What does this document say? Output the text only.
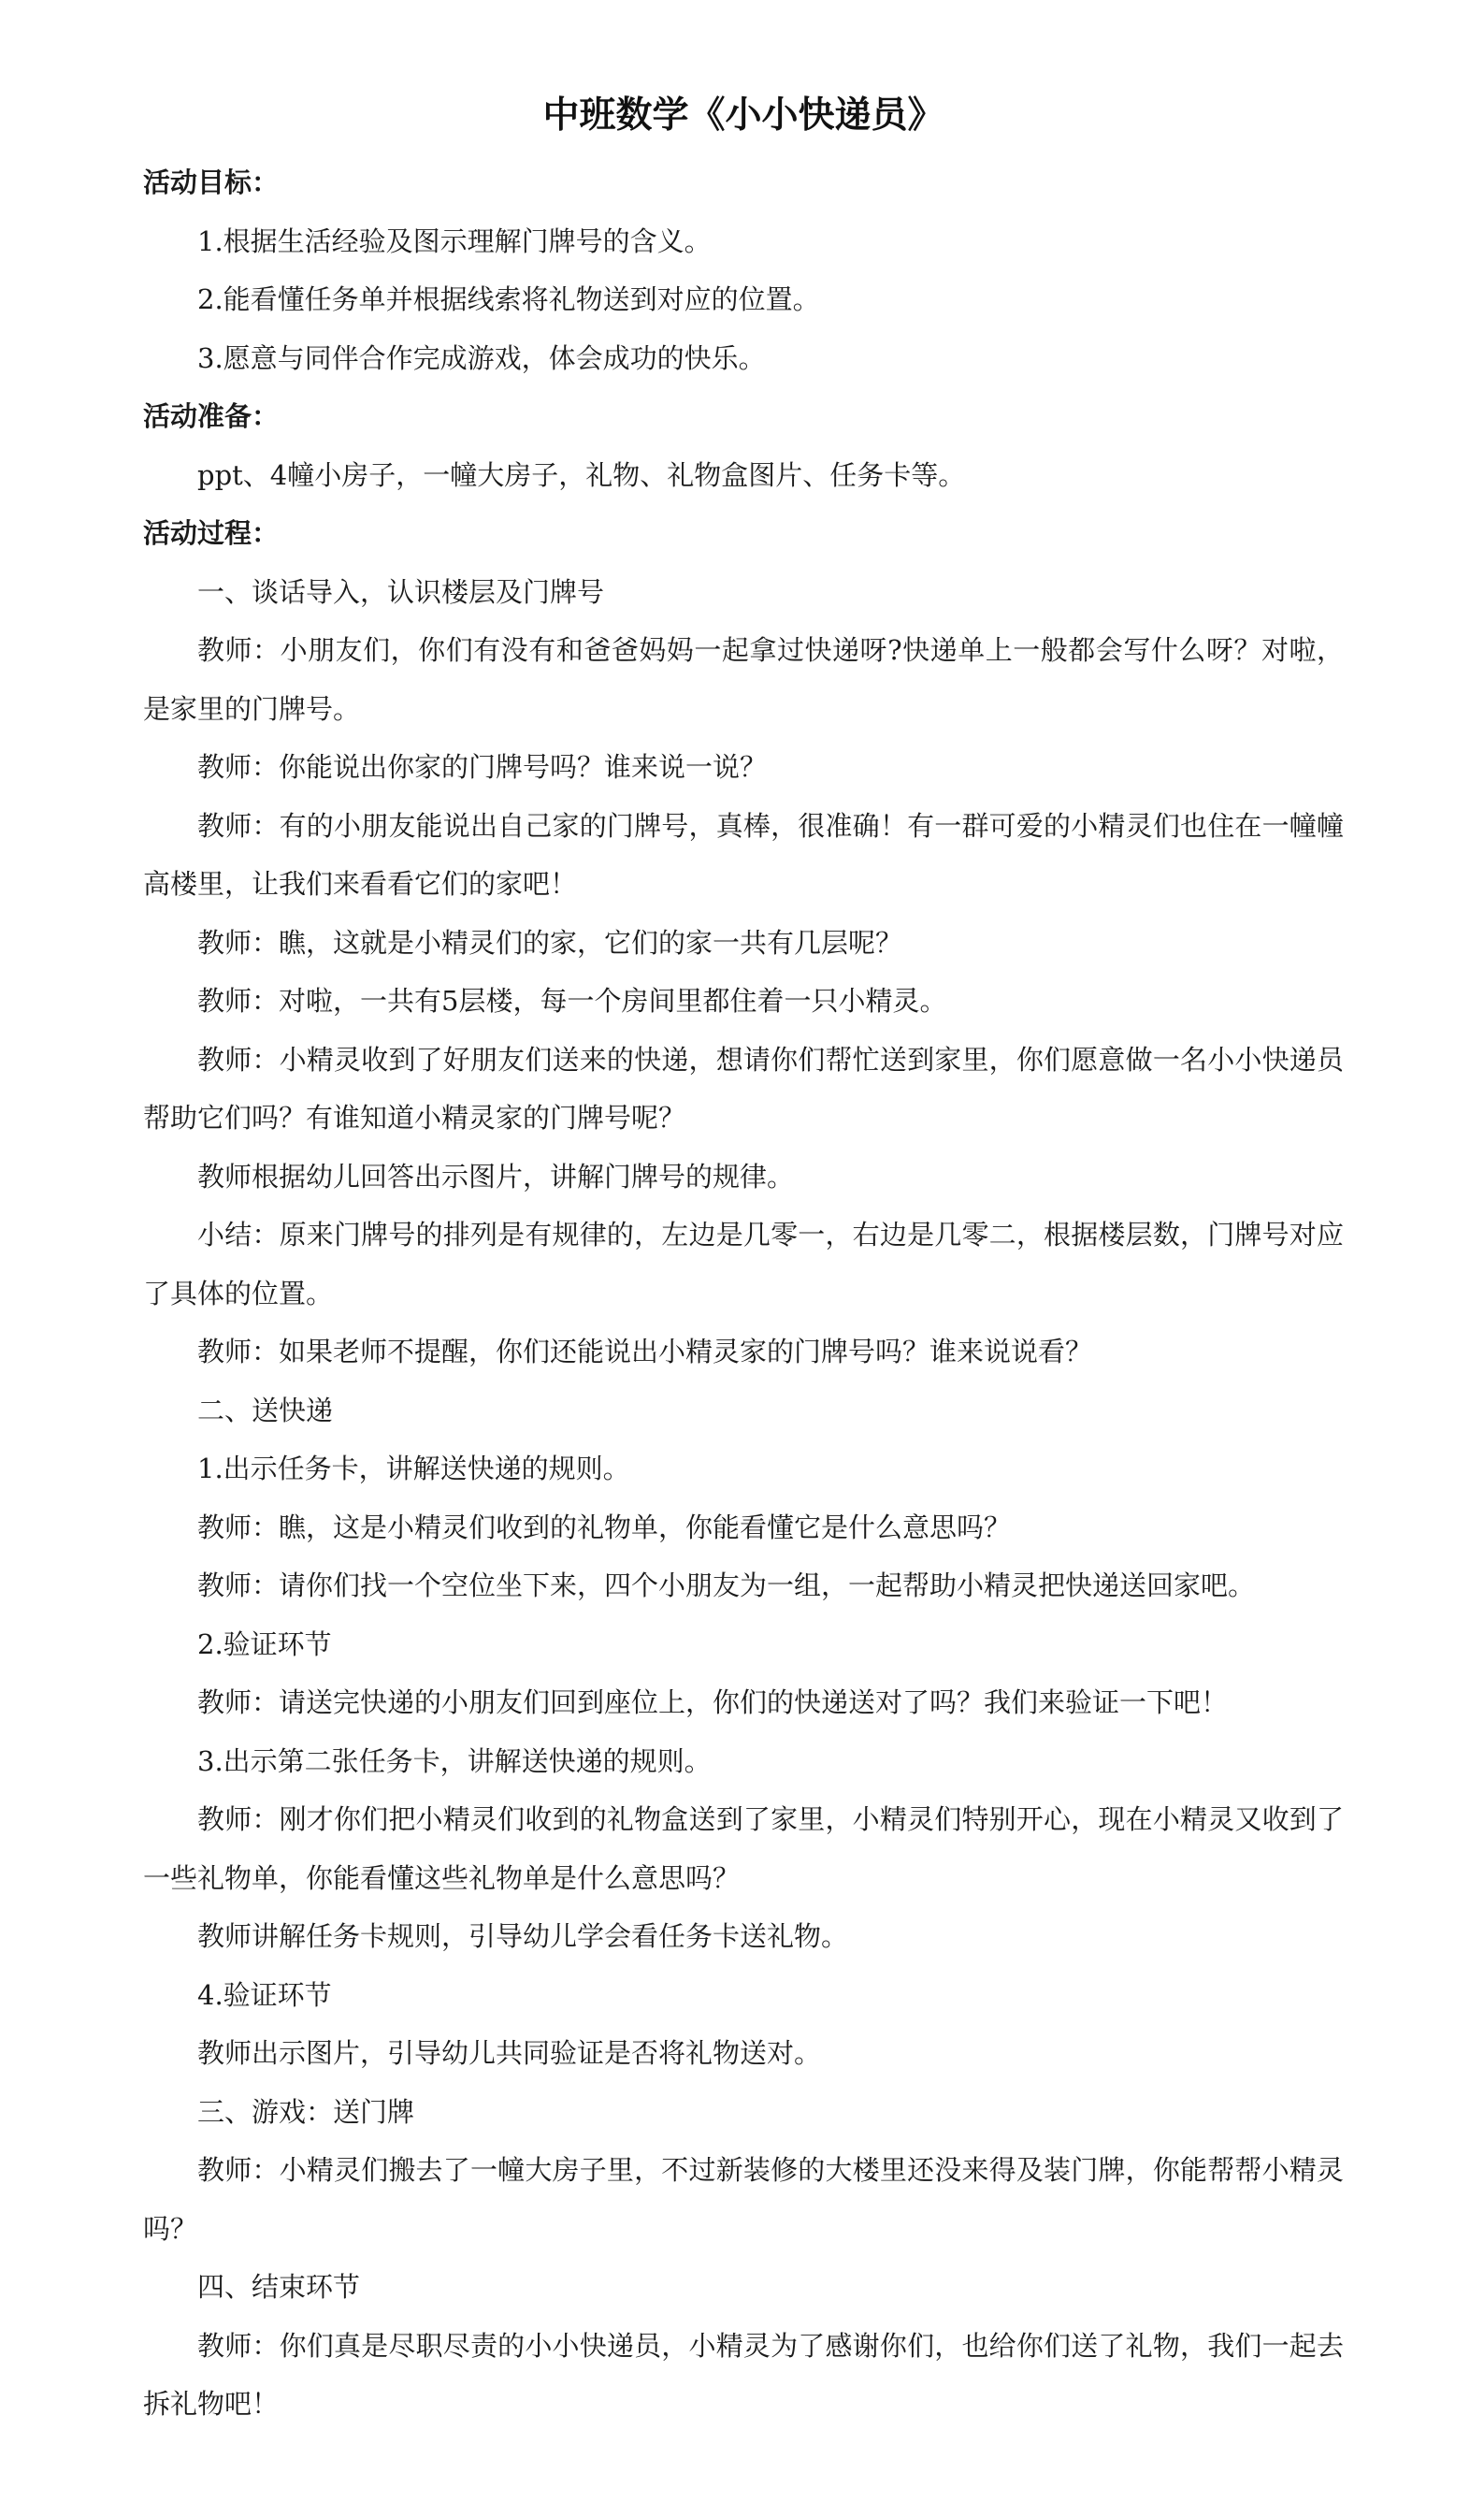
中班数学《小小快递员》

活动目标：

1.根据生活经验及图示理解门牌号的含义。

2.能看懂任务单并根据线索将礼物送到对应的位置。

3.愿意与同伴合作完成游戏，体会成功的快乐。

活动准备：

ppt、4幢小房子，一幢大房子，礼物、礼物盒图片、任务卡等。

活动过程：

一、谈话导入，认识楼层及门牌号

教师：小朋友们，你们有没有和爸爸妈妈一起拿过快递呀?快递单上一般都会写什么呀？对啦，是家里的门牌号。

教师：你能说出你家的门牌号吗？谁来说一说？

教师：有的小朋友能说出自己家的门牌号，真棒，很准确！有一群可爱的小精灵们也住在一幢幢高楼里，让我们来看看它们的家吧！

教师：瞧，这就是小精灵们的家，它们的家一共有几层呢？

教师：对啦，一共有5层楼，每一个房间里都住着一只小精灵。

教师：小精灵收到了好朋友们送来的快递，想请你们帮忙送到家里，你们愿意做一名小小快递员帮助它们吗？有谁知道小精灵家的门牌号呢？

教师根据幼儿回答出示图片，讲解门牌号的规律。

小结：原来门牌号的排列是有规律的，左边是几零一，右边是几零二，根据楼层数，门牌号对应了具体的位置。

教师：如果老师不提醒，你们还能说出小精灵家的门牌号吗？谁来说说看？

二、送快递

1.出示任务卡，讲解送快递的规则。

教师：瞧，这是小精灵们收到的礼物单，你能看懂它是什么意思吗？

教师：请你们找一个空位坐下来，四个小朋友为一组，一起帮助小精灵把快递送回家吧。

2.验证环节

教师：请送完快递的小朋友们回到座位上，你们的快递送对了吗？我们来验证一下吧！

3.出示第二张任务卡，讲解送快递的规则。

教师：刚才你们把小精灵们收到的礼物盒送到了家里，小精灵们特别开心，现在小精灵又收到了一些礼物单，你能看懂这些礼物单是什么意思吗？

教师讲解任务卡规则，引导幼儿学会看任务卡送礼物。

4.验证环节

教师出示图片，引导幼儿共同验证是否将礼物送对。

三、游戏：送门牌

教师：小精灵们搬去了一幢大房子里，不过新装修的大楼里还没来得及装门牌，你能帮帮小精灵吗？

四、结束环节

教师：你们真是尽职尽责的小小快递员，小精灵为了感谢你们，也给你们送了礼物，我们一起去拆礼物吧！
